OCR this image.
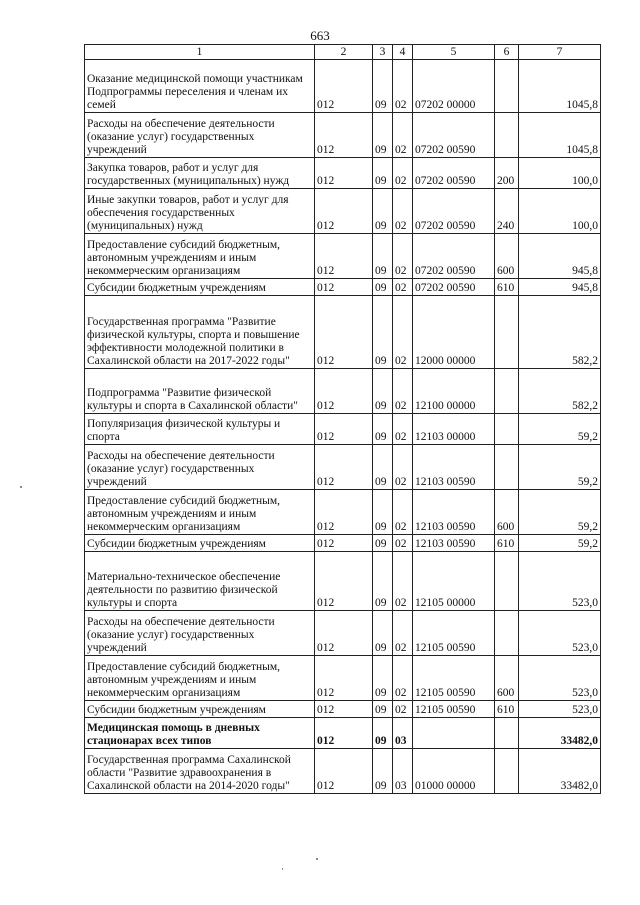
663
1	2	3	4	5	6	7
Оказание медицинской помощи участникам Подпрограммы переселения и членам их семей	012	09	02	07202 00000		1045,8
Расходы на обеспечение деятельности (оказание услуг) государственных учреждений	012	09	02	07202 00590		1045,8
Закупка товаров, работ и услуг для государственных (муниципальных) нужд	012	09	02	07202 00590	200	100,0
Иные закупки товаров, работ и услуг для обеспечения государственных (муниципальных) нужд	012	09	02	07202 00590	240	100,0
Предоставление субсидий бюджетным, автономным учреждениям и иным некоммерческим организациям	012	09	02	07202 00590	600	945,8
Субсидии бюджетным учреждениям	012	09	02	07202 00590	610	945,8
Государственная программа "Развитие физической культуры, спорта и повышение эффективности молодежной политики в Сахалинской области на 2017-2022 годы"	012	09	02	12000 00000		582,2
Подпрограмма "Развитие физической культуры и спорта в Сахалинской области"	012	09	02	12100 00000		582,2
Популяризация физической культуры и спорта	012	09	02	12103 00000		59,2
Расходы на обеспечение деятельности (оказание услуг) государственных учреждений	012	09	02	12103 00590		59,2
Предоставление субсидий бюджетным, автономным учреждениям и иным некоммерческим организациям	012	09	02	12103 00590	600	59,2
Субсидии бюджетным учреждениям	012	09	02	12103 00590	610	59,2
Материально-техническое обеспечение деятельности по развитию физической культуры и спорта	012	09	02	12105 00000		523,0
Расходы на обеспечение деятельности (оказание услуг) государственных учреждений	012	09	02	12105 00590		523,0
Предоставление субсидий бюджетным, автономным учреждениям и иным некоммерческим организациям	012	09	02	12105 00590	600	523,0
Субсидии бюджетным учреждениям	012	09	02	12105 00590	610	523,0
Медицинская помощь в дневных стационарах всех типов	012	09	03			33482,0
Государственная программа Сахалинской области "Развитие здравоохранения в Сахалинской области на 2014-2020 годы"	012	09	03	01000 00000		33482,0
